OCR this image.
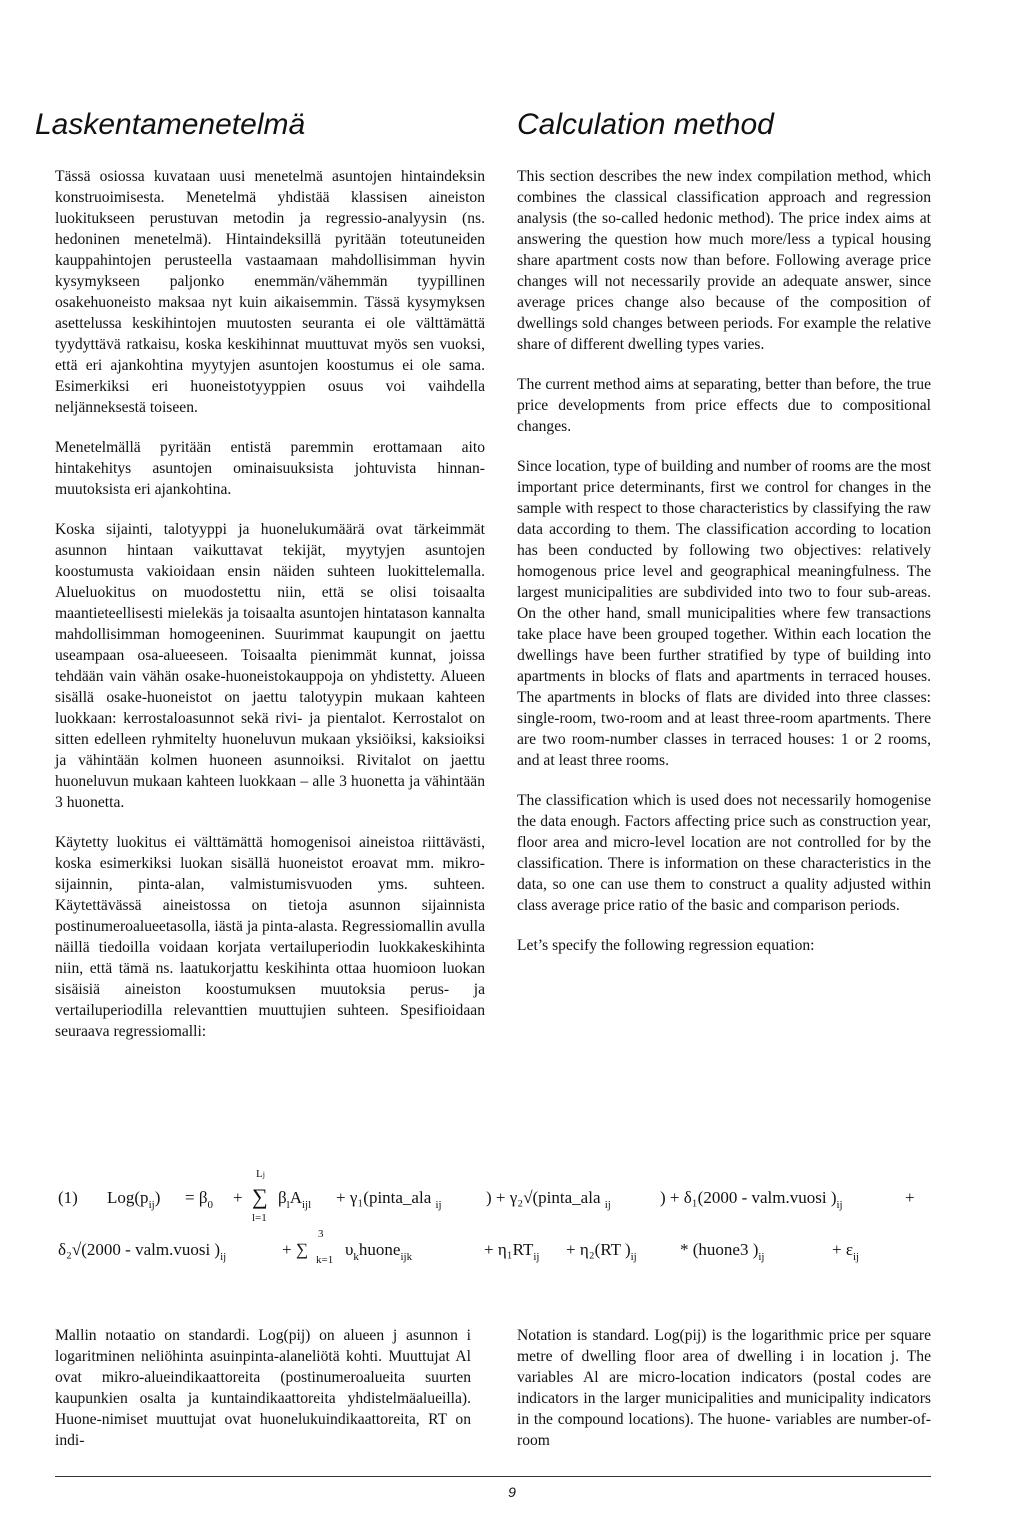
Laskentamenetelmä	Calculation method

Tässä osiossa kuvataan uusi menetelmä asuntojen hintaindeksin konstruoimisesta. Menetelmä yhdistää klassisen aineiston luokitukseen perustuvan metodin ja regressio-analyysin (ns. hedoninen menetelmä). Hintaindeksillä pyritään toteutuneiden kauppahintojen perusteella vastaamaan mahdollisimman hyvin kysymykseen paljonko enemmän/vähemmän tyypillinen osakehuoneisto maksaa nyt kuin aikaisemmin. Tässä kysymyksen asettelussa keskihintojen muutosten seuranta ei ole välttämättä tyydyttävä ratkaisu, koska keskihinnat muuttuvat myös sen vuoksi, että eri ajankohtina myytyjen asuntojen koostumus ei ole sama. Esimerkiksi eri huoneistotyyppien osuus voi vaihdella neljänneksestä toiseen.

Menetelmällä pyritään entistä paremmin erottamaan aito hintakehitys asuntojen ominaisuuksista johtuvista hinnan-muutoksista eri ajankohtina.

Koska sijainti, talotyyppi ja huonelukumäärä ovat tärkeimmät asunnon hintaan vaikuttavat tekijät, myytyjen asuntojen koostumusta vakioidaan ensin näiden suhteen luokittelemalla. Alueluokitus on muodostettu niin, että se olisi toisaalta maantieteellisesti mielekäs ja toisaalta asuntojen hintatason kannalta mahdollisimman homogeeninen. Suurimmat kaupungit on jaettu useampaan osa-alueeseen. Toisaalta pienimmät kunnat, joissa tehdään vain vähän osake-huoneistokauppoja on yhdistetty. Alueen sisällä osake-huoneistot on jaettu talotyypin mukaan kahteen luokkaan: kerrostaloasunnot sekä rivi- ja pientalot. Kerrostalot on sitten edelleen ryhmitelty huoneluvun mukaan yksiöiksi, kaksioiksi ja vähintään kolmen huoneen asunnoiksi. Rivitalot on jaettu huoneluvun mukaan kahteen luokkaan – alle 3 huonetta ja vähintään 3 huonetta.

Käytetty luokitus ei välttämättä homogenisoi aineistoa riittävästi, koska esimerkiksi luokan sisällä huoneistot eroavat mm. mikro-sijainnin, pinta-alan, valmistumisvuoden yms. suhteen. Käytettävässä aineistossa on tietoja asunnon sijainnista postinumeroalueetasolla, iästä ja pinta-alasta. Regressiomallin avulla näillä tiedoilla voidaan korjata vertailuperiodin luokkakeskihinta niin, että tämä ns. laatukorjattu keskihinta ottaa huomioon luokan sisäisiä aineiston koostumuksen muutoksia perus- ja vertailuperiodilla relevanttien muuttujien suhteen. Spesifioidaan seuraava regressiomalli:

This section describes the new index compilation method, which combines the classical classification approach and regression analysis (the so-called hedonic method). The price index aims at answering the question how much more/less a typical housing share apartment costs now than before. Following average price changes will not necessarily provide an adequate answer, since average prices change also because of the composition of dwellings sold changes between periods. For example the relative share of different dwelling types varies.

The current method aims at separating, better than before, the true price developments from price effects due to compositional changes.

Since location, type of building and number of rooms are the most important price determinants, first we control for changes in the sample with respect to those characteristics by classifying the raw data according to them. The classification according to location has been conducted by following two objectives: relatively homogenous price level and geographical meaningfulness. The largest municipalities are subdivided into two to four sub-areas. On the other hand, small municipalities where few transactions take place have been grouped together. Within each location the dwellings have been further stratified by type of building into apartments in blocks of flats and apartments in terraced houses. The apartments in blocks of flats are divided into three classes: single-room, two-room and at least three-room apartments. There are two room-number classes in terraced houses: 1 or 2 rooms, and at least three rooms.

The classification which is used does not necessarily homogenise the data enough. Factors affecting price such as construction year, floor area and micro-level location are not controlled for by the classification. There is information on these characteristics in the data, so one can use them to construct a quality adjusted within class average price ratio of the basic and comparison periods.

Let’s specify the following regression equation:

(1) $Log(p_{ij}) = \beta_0$ +
Lj
∑
l=1
$\beta_lA_{ijl}$ + γ₁(pinta_ala $_{ij}$	) + γ₂√(pinta_ala $_{ij}$	) + δ₁(2000 - valm.vuosi )$_{ij}$	+
δ₂√(2000 - valm.vuosi )$_{ij}$	+ ∑
3
k=1
$\upsilon_khuone_{ijk}$	+ $\eta_1RT_{ij} + \eta_2(RT$ )$_{ij}$	* (huone3 )$_{ij}$	+ $\varepsilon_{ij}$

Mallin notaatio on standardi. Log(pij) on alueen j asunnon i logaritminen neliöhinta asuinpinta-alaneliötä kohti. Muuttujat Al ovat mikro-alueindikaattoreita (postinumeroalueita suurten kaupunkien osalta ja kuntaindikaattoreita yhdistelmäalueilla). Huone-nimiset muuttujat ovat huonelukuindikaattoreita, RT on indi-

Notation is standard. Log(pij) is the logarithmic price per square metre of dwelling floor area of dwelling i in location j. The variables Al are micro-location indicators (postal codes are indicators in the larger municipalities and municipality indicators in the compound locations). The huone- variables are number-of-room

9
